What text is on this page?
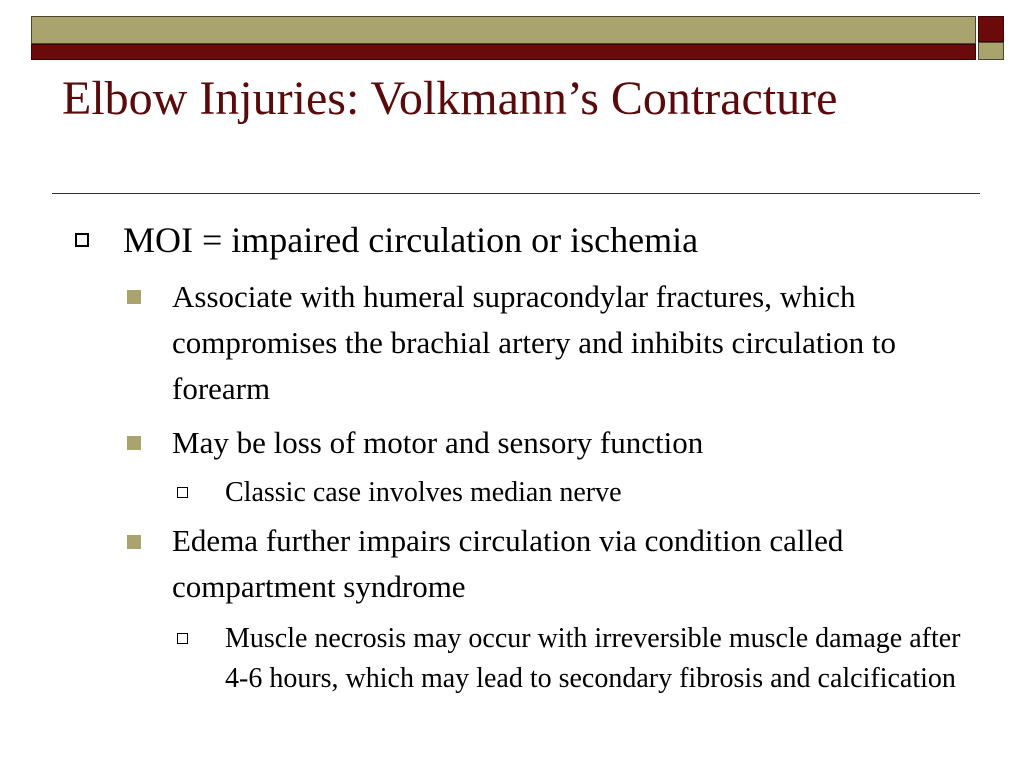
Elbow Injuries: Volkmann’s Contracture

MOI = impaired circulation or ischemia

Associate with humeral supracondylar fractures, which compromises the brachial artery and inhibits circulation to forearm

May be loss of motor and sensory function

Classic case involves median nerve

Edema further impairs circulation via condition called compartment syndrome

Muscle necrosis may occur with irreversible muscle damage after 4-6 hours, which may lead to secondary fibrosis and calcification
